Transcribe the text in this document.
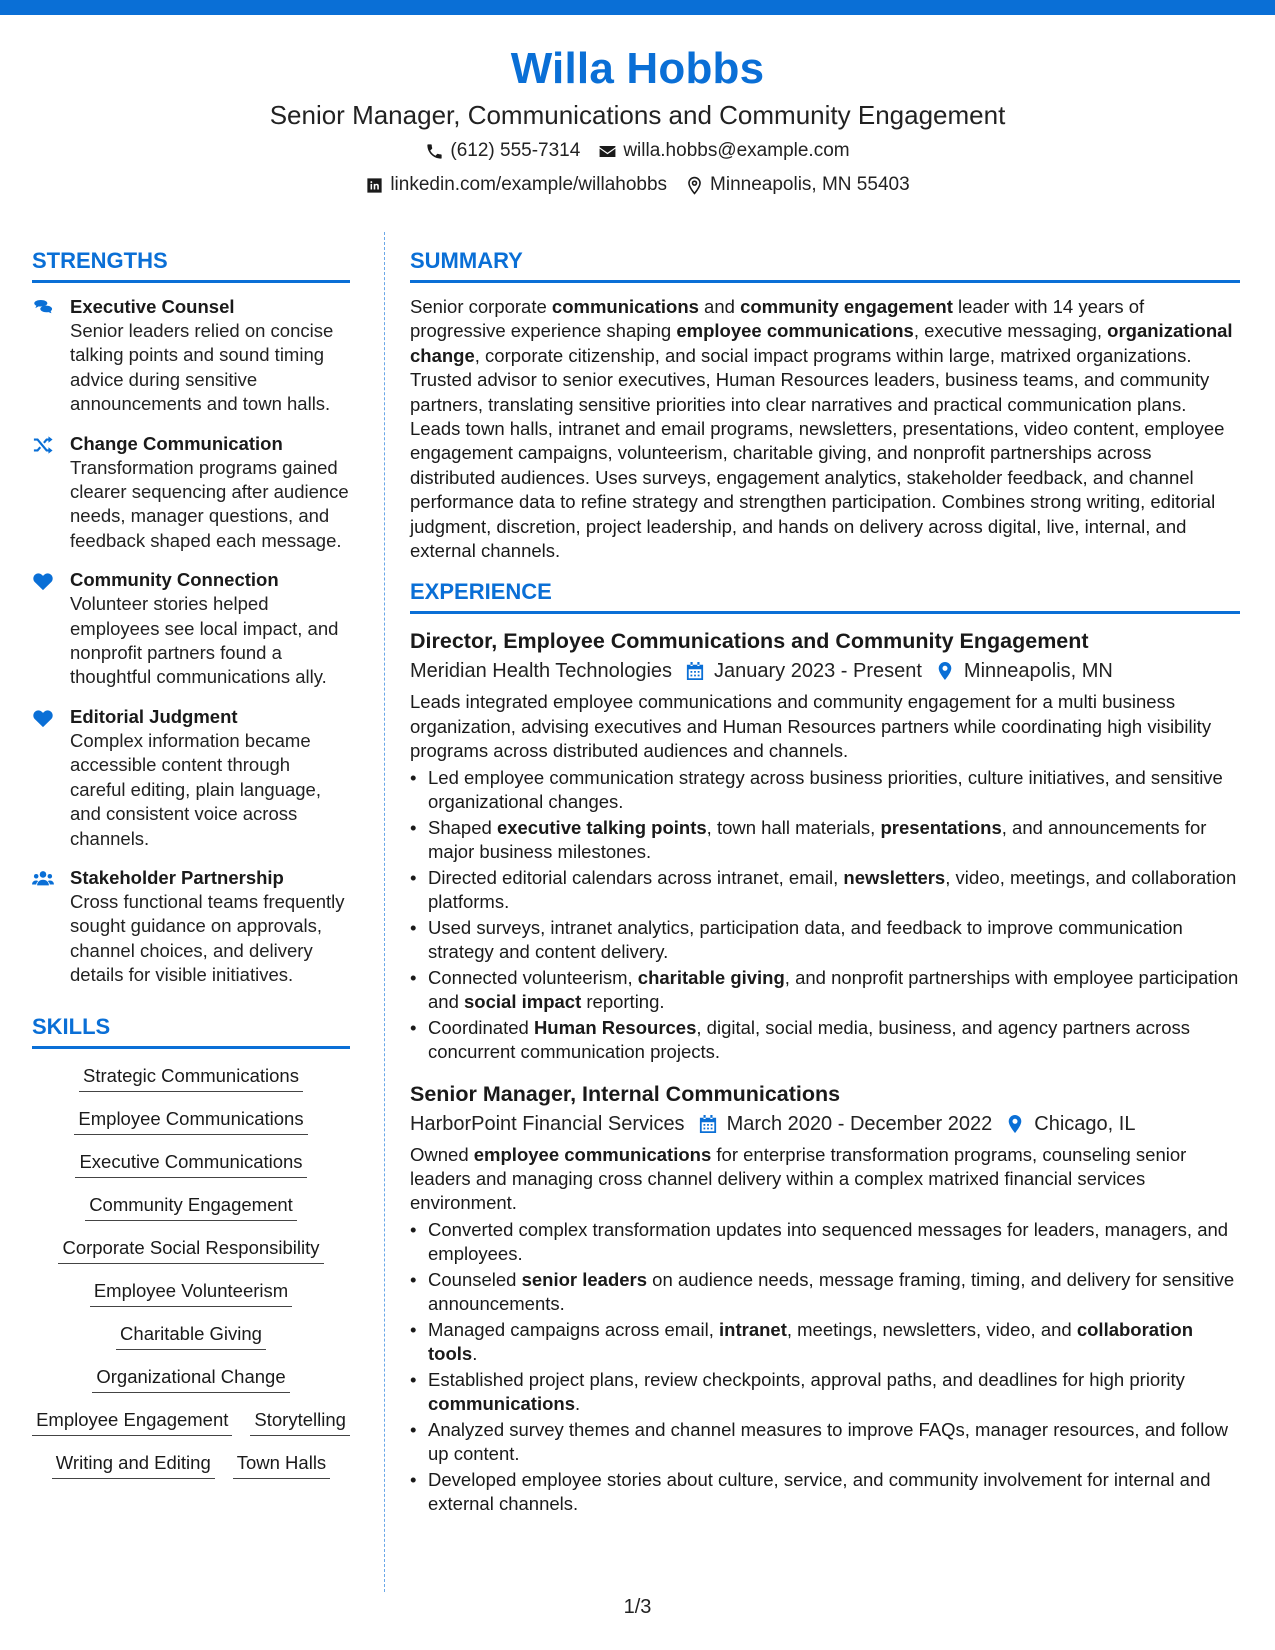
Willa Hobbs
Senior Manager, Communications and Community Engagement
(612) 555-7314 willa.hobbs@example.com
linkedin.com/example/willahobbs Minneapolis, MN 55403
STRENGTHS
Executive Counsel
Senior leaders relied on concise talking points and sound timing advice during sensitive announcements and town halls.
Change Communication
Transformation programs gained clearer sequencing after audience needs, manager questions, and feedback shaped each message.
Community Connection
Volunteer stories helped employees see local impact, and nonprofit partners found a thoughtful communications ally.
Editorial Judgment
Complex information became accessible content through careful editing, plain language, and consistent voice across channels.
Stakeholder Partnership
Cross functional teams frequently sought guidance on approvals, channel choices, and delivery details for visible initiatives.
SKILLS
Strategic Communications
Employee Communications
Executive Communications
Community Engagement
Corporate Social Responsibility
Employee Volunteerism
Charitable Giving
Organizational Change
Employee Engagement Storytelling
Writing and Editing Town Halls
SUMMARY
Senior corporate communications and community engagement leader with 14 years of progressive experience shaping employee communications, executive messaging, organizational change, corporate citizenship, and social impact programs within large, matrixed organizations. Trusted advisor to senior executives, Human Resources leaders, business teams, and community partners, translating sensitive priorities into clear narratives and practical communication plans. Leads town halls, intranet and email programs, newsletters, presentations, video content, employee engagement campaigns, volunteerism, charitable giving, and nonprofit partnerships across distributed audiences. Uses surveys, engagement analytics, stakeholder feedback, and channel performance data to refine strategy and strengthen participation. Combines strong writing, editorial judgment, discretion, project leadership, and hands on delivery across digital, live, internal, and external channels.
EXPERIENCE
Director, Employee Communications and Community Engagement
Meridian Health Technologies January 2023 - Present Minneapolis, MN
Leads integrated employee communications and community engagement for a multi business organization, advising executives and Human Resources partners while coordinating high visibility programs across distributed audiences and channels.
• Led employee communication strategy across business priorities, culture initiatives, and sensitive organizational changes.
• Shaped executive talking points, town hall materials, presentations, and announcements for major business milestones.
• Directed editorial calendars across intranet, email, newsletters, video, meetings, and collaboration platforms.
• Used surveys, intranet analytics, participation data, and feedback to improve communication strategy and content delivery.
• Connected volunteerism, charitable giving, and nonprofit partnerships with employee participation and social impact reporting.
• Coordinated Human Resources, digital, social media, business, and agency partners across concurrent communication projects.
Senior Manager, Internal Communications
HarborPoint Financial Services March 2020 - December 2022 Chicago, IL
Owned employee communications for enterprise transformation programs, counseling senior leaders and managing cross channel delivery within a complex matrixed financial services environment.
• Converted complex transformation updates into sequenced messages for leaders, managers, and employees.
• Counseled senior leaders on audience needs, message framing, timing, and delivery for sensitive announcements.
• Managed campaigns across email, intranet, meetings, newsletters, video, and collaboration tools.
• Established project plans, review checkpoints, approval paths, and deadlines for high priority communications.
• Analyzed survey themes and channel measures to improve FAQs, manager resources, and follow up content.
• Developed employee stories about culture, service, and community involvement for internal and external channels.
1/3
